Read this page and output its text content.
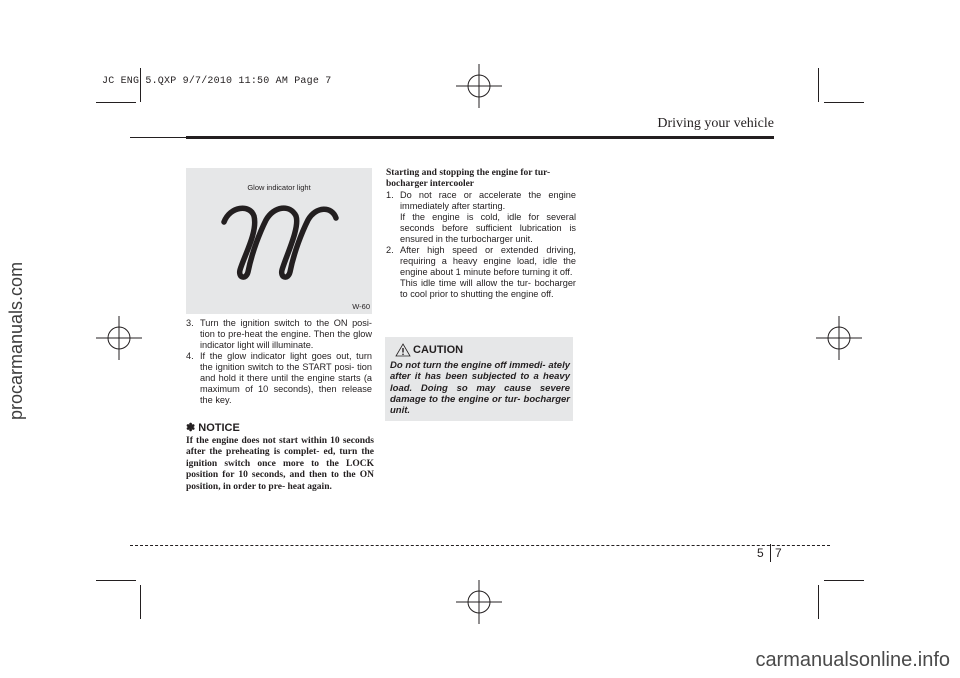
JC ENG 5.QXP 9/7/2010 11:50 AM Page 7
Driving your vehicle
Glow indicator light
W-60

3. Turn the ignition switch to the ON posi- tion to pre-heat the engine. Then the glow indicator light will illuminate.

4. If the glow indicator light goes out, turn the ignition switch to the START posi- tion and hold it there until the engine starts (a maximum of 10 seconds), then release the key.

✽ NOTICE
If the engine does not start within 10 seconds after the preheating is complet- ed, turn the ignition switch once more to the LOCK position for 10 seconds, and then to the ON position, in order to pre- heat again.
Starting and stopping the engine for tur- bocharger intercooler

1. Do not race or accelerate the engine immediately after starting.

If the engine is cold, idle for several seconds before sufficient lubrication is ensured in the turbocharger unit.

2. After high speed or extended driving, requiring a heavy engine load, idle the engine about 1 minute before turning it off.

This idle time will allow the tur- bocharger to cool prior to shutting the engine off.

CAUTION
Do not turn the engine off immedi- ately after it has been subjected to a heavy load. Doing so may cause severe damage to the engine or tur- bocharger unit.
5 7
procarmanuals.com
carmanualsonline.info
